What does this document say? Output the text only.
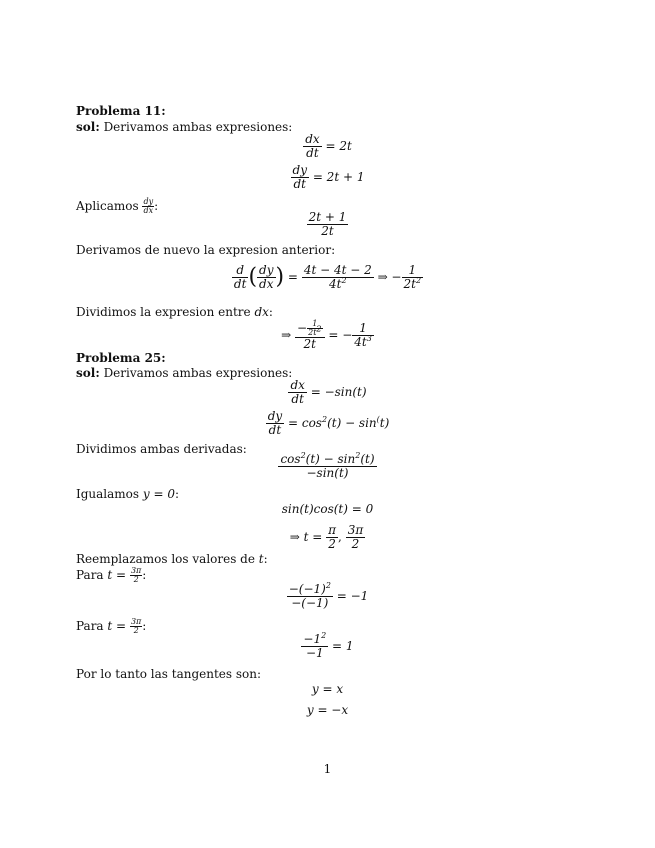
Problema 11:
sol: Derivamos ambas expresiones:
$\frac{dx}{dt} = 2t$
$\frac{dy}{dt} = 2t + 1$
Aplicamos $\frac{dy}{dx}$ :
$\frac{2t + 1}{2t}$
Derivamos de nuevo la expresion anterior:
$\frac{d}{dt}$ ( $\frac{dy}{dx}$ ) = $\frac{4t - 4t - 2}{4t^2}$ ⇒ − $\frac{1}{2t^2}$
Dividimos la expresion entre dx:
⇒ $\frac{- \frac{1}{2t^2}}{2t}$ = − $\frac{1}{4t^3}$
Problema 25:
sol: Derivamos ambas expresiones:
$\frac{dx}{dt} = -\sin(t)$
$\frac{dy}{dt} = \cos^2(t) - \sin^(t$)
Dividimos ambas derivadas:
$\frac{\cos^2(t) - \sin^2(t)}{-\sin(t)}$
Igualamos y = 0:
sin(t)cos(t) = 0
⇒ $t = \frac{\pi}{2}$ , $\frac{3\pi}{2}$
Reemplazamos los valores de t:
Para $t = \frac{3\pi}{2}$ :
$\frac{-(-1)^2}{-(-1)} = -1$
Para $t = \frac{3\pi}{2}$ :
$\frac{-1^2}{-1} = 1$
Por lo tanto las tangentes son:
y = x
y = −x
1
